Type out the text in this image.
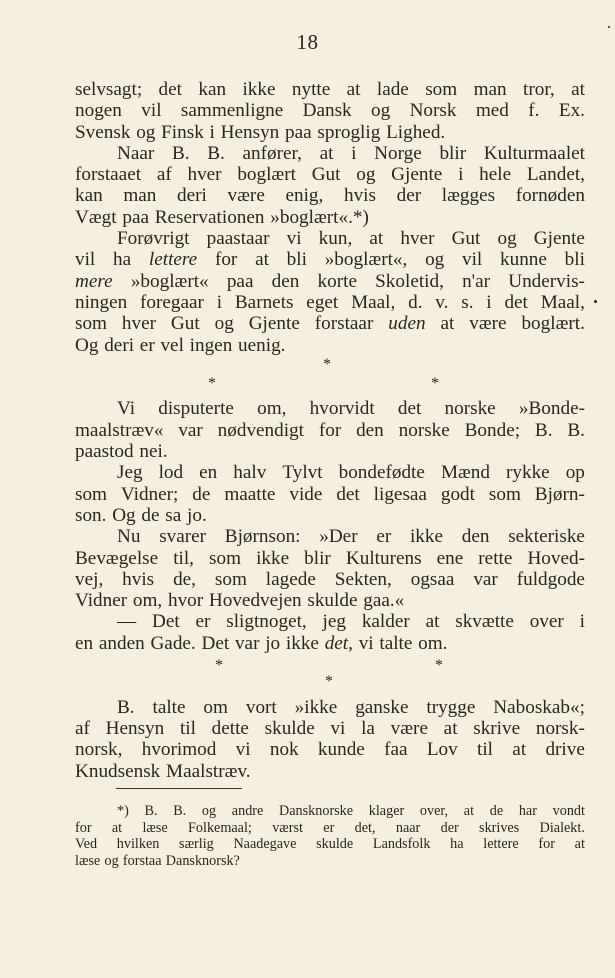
18
selvsagt; det kan ikke nytte at lade som man tror, at
nogen vil sammenligne Dansk og Norsk med f. Ex.
Svensk og Finsk i Hensyn paa sproglig Lighed.
Naar B. B. anfører, at i Norge blir Kulturmaalet
forstaaet af hver boglært Gut og Gjente i hele Landet,
kan man deri være enig, hvis der lægges fornøden
Vægt paa Reservationen »boglært«.*)
Forøvrigt paastaar vi kun, at hver Gut og Gjente
vil ha lettere for at bli »boglært«, og vil kunne bli
mere »boglært« paa den korte Skoletid, n'ar Undervis-
ningen foregaar i Barnets eget Maal, d. v. s. i det Maal,
som hver Gut og Gjente forstaar uden at være boglært.
Og deri er vel ingen uenig.
*
*	*
Vi disputerte om, hvorvidt det norske »Bonde-
maalstræv« var nødvendigt for den norske Bonde; B. B.
paastod nei.
Jeg lod en halv Tylvt bondefødte Mænd rykke op
som Vidner; de maatte vide det ligesaa godt som Bjørn-
son. Og de sa jo.
Nu svarer Bjørnson: »Der er ikke den sekteriske
Bevægelse til, som ikke blir Kulturens ene rette Hoved-
vej, hvis de, som lagede Sekten, ogsaa var fuldgode
Vidner om, hvor Hovedvejen skulde gaa.«
— Det er sligtnoget, jeg kalder at skvætte over i
en anden Gade. Det var jo ikke det, vi talte om.
*	*
*
B. talte om vort »ikke ganske trygge Naboskab«;
af Hensyn til dette skulde vi la være at skrive norsk-
norsk, hvorimod vi nok kunde faa Lov til at drive
Knudsensk Maalstræv.
*) B. B. og andre Dansknorske klager over, at de har vondt
for at læse Folkemaal; værst er det, naar der skrives Dialekt.
Ved hvilken særlig Naadegave skulde Landsfolk ha lettere for at
læse og forstaa Dansknorsk?
